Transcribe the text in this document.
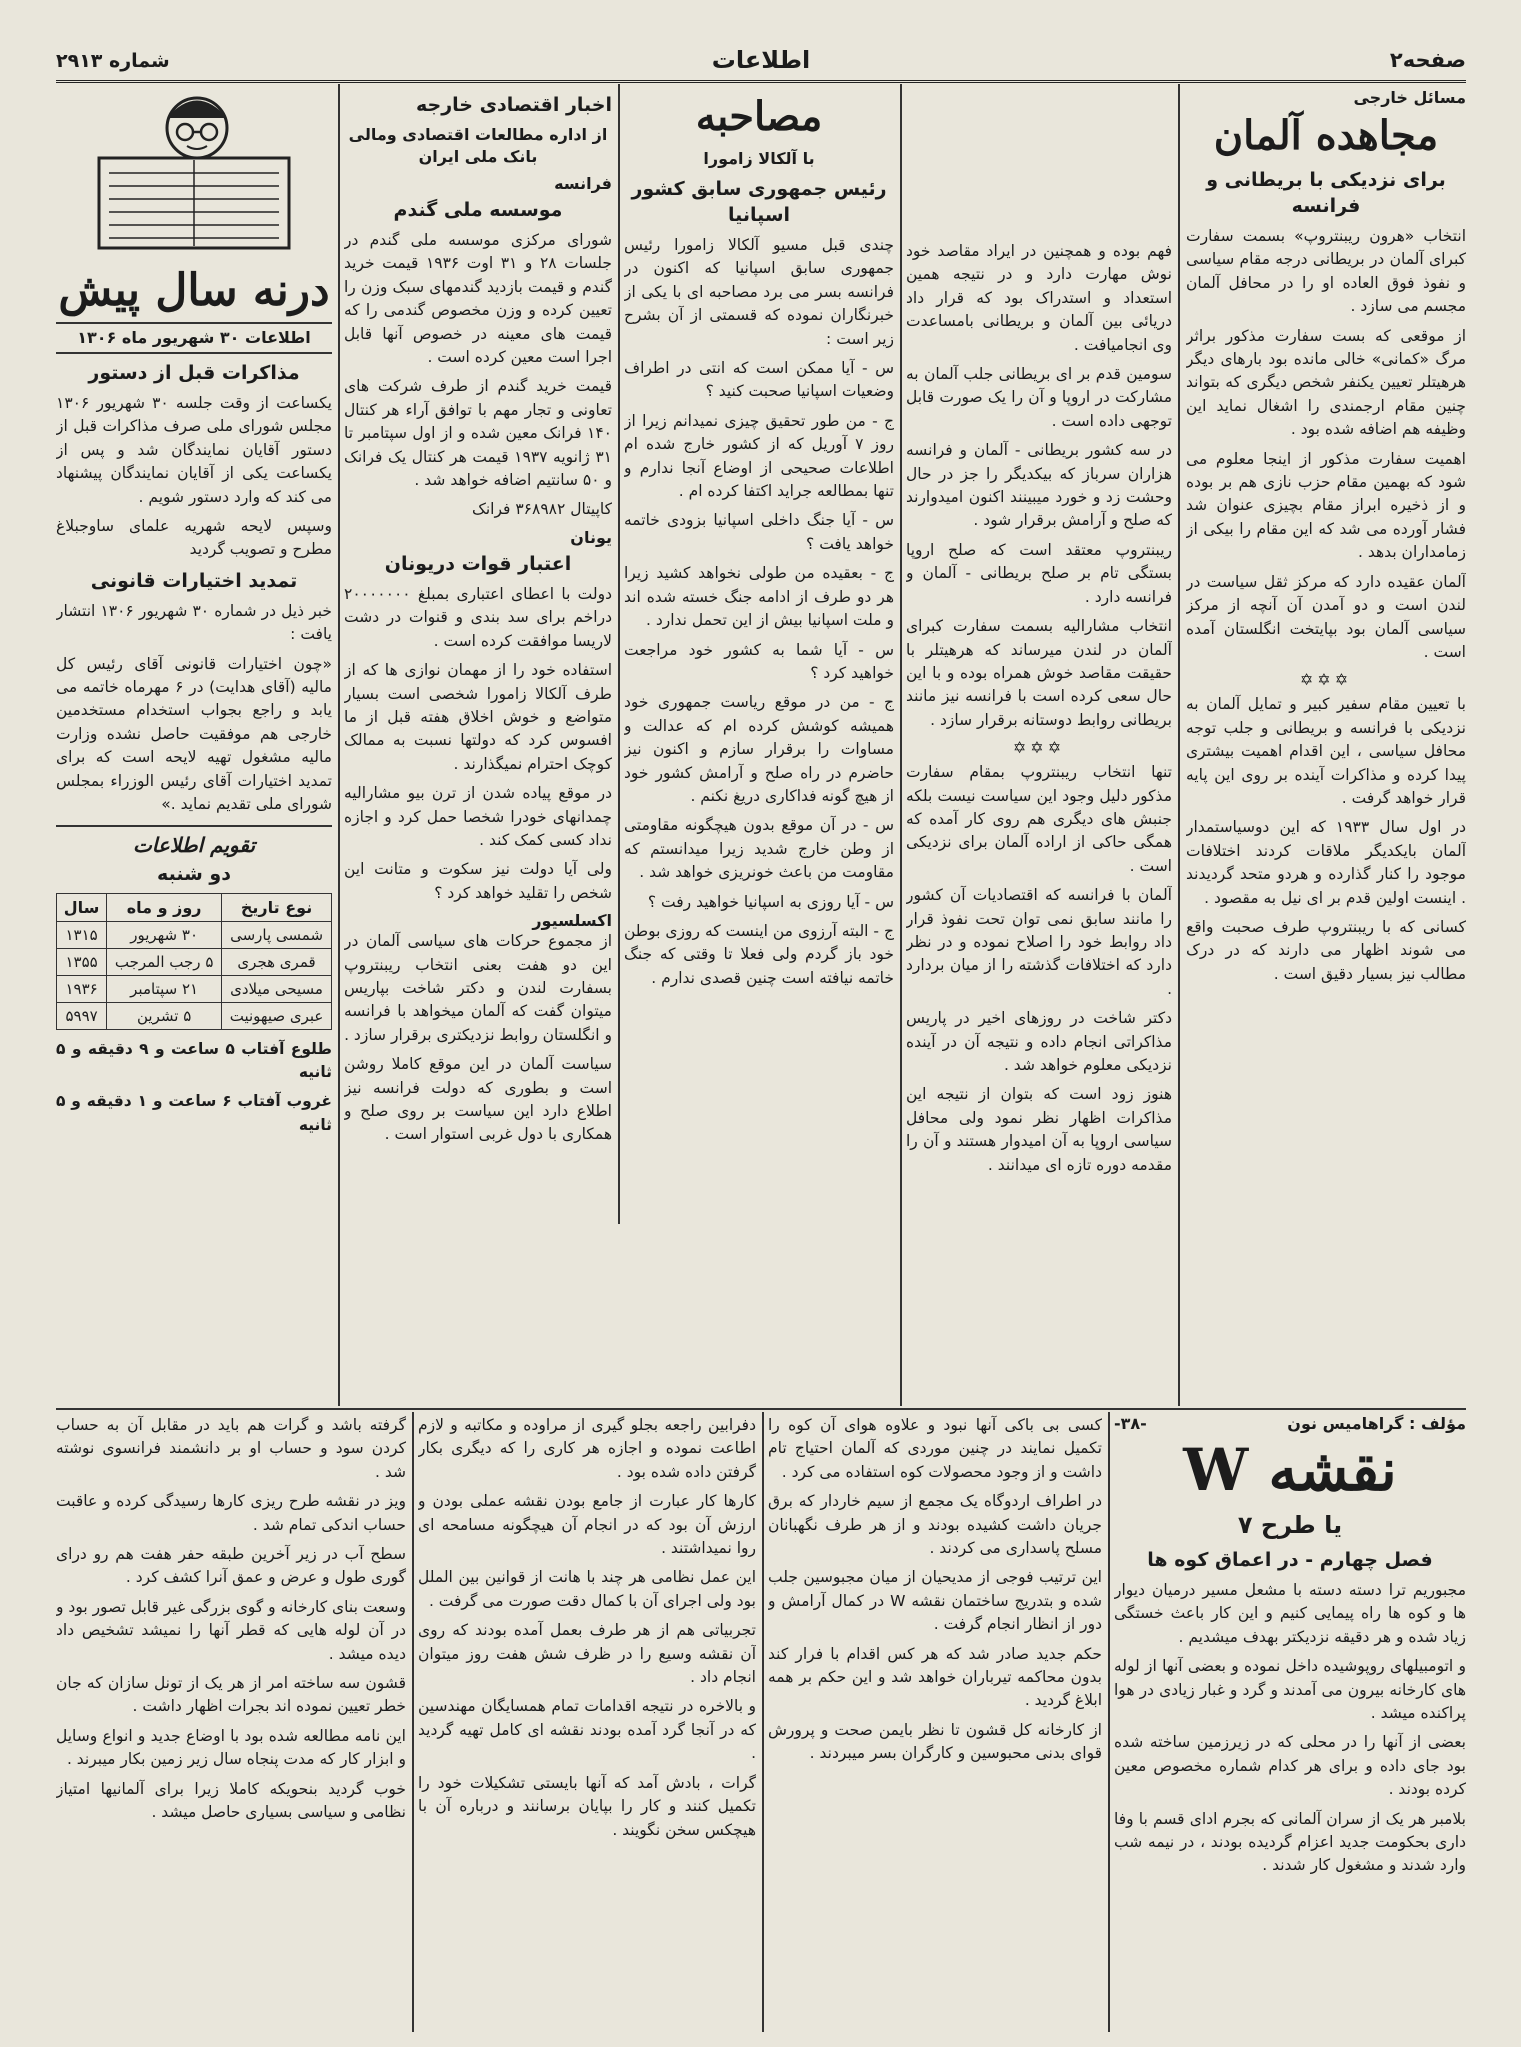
صفحه۲
اطلاعات
شماره ۲۹۱۳
مسائل خارجی
مجاهده آلمان
برای نزدیکی با بریطانی و فرانسه

انتخاب «هرون ریبنتروپ» بسمت سفارت کبرای آلمان در بریطانی درجه مقام سیاسی و نفوذ فوق العاده او را در محافل آلمان مجسم می سازد .

از موقعی که بست سفارت مذکور براثر مرگ «کمانی» خالی مانده بود بارهای دیگر هرهیتلر تعیین یکنفر شخص دیگری که بتواند چنین مقام ارجمندی را اشغال نماید این وظیفه هم اضافه شده بود .

اهمیت سفارت مذکور از اینجا معلوم می شود که بهمین مقام حزب نازی هم بر بوده و از ذخیره ابراز مقام بچیزی عنوان شد فشار آورده می شد که این مقام را بیکی از زمامداران بدهد .

آلمان عقیده دارد که مرکز ثقل سیاست در لندن است و دو آمدن آن آنچه از مرکز سیاسی آلمان بود بپایتخت انگلستان آمده است .

✡✡✡

با تعیین مقام سفیر کبیر و تمایل آلمان به نزدیکی با فرانسه و بریطانی و جلب توجه محافل سیاسی ، این اقدام اهمیت بیشتری پیدا کرده و مذاکرات آینده بر روی این پایه قرار خواهد گرفت .

در اول سال ۱۹۳۳ که این دوسیاستمدار آلمان بایکدیگر ملاقات کردند اختلافات موجود را کنار گذارده و هردو متحد گردیدند . اینست اولین قدم بر ای نیل به مقصود .

کسانی که با ریبنتروپ طرف صحبت واقع می شوند اظهار می دارند که در درک مطالب نیز بسیار دقیق است .

فهم بوده و همچنین در ایراد مقاصد خود نوش مهارت دارد و در نتیجه همین استعداد و استدراک بود که قرار داد دریائی بین آلمان و بریطانی بامساعدت وی انجامیافت .

سومین قدم بر ای بریطانی جلب آلمان به مشارکت در اروپا و آن را یک صورت قابل توجهی داده است .

در سه کشور بریطانی - آلمان و فرانسه هزاران سرباز که بیکدیگر را جز در حال وحشت زد و خورد میبینند اکنون امیدوارند که صلح و آرامش برقرار شود .

ریبنتروپ معتقد است که صلح اروپا بستگی تام بر صلح بریطانی - آلمان و فرانسه دارد .

انتخاب مشارالیه بسمت سفارت کبرای آلمان در لندن میرساند که هرهیتلر با حقیقت مقاصد خوش همراه بوده و با این حال سعی کرده است با فرانسه نیز مانند بریطانی روابط دوستانه برقرار سازد .

✡✡✡

تنها انتخاب ریبنتروپ بمقام سفارت مذکور دلیل وجود این سیاست نیست بلکه جنبش های دیگری هم روی کار آمده که همگی حاکی از اراده آلمان برای نزدیکی است .

آلمان با فرانسه که اقتصادیات آن کشور را مانند سابق نمی توان تحت نفوذ قرار داد روابط خود را اصلاح نموده و در نظر دارد که اختلافات گذشته را از میان بردارد .

دکتر شاخت در روزهای اخیر در پاریس مذاکراتی انجام داده و نتیجه آن در آینده نزدیکی معلوم خواهد شد .

هنوز زود است که بتوان از نتیجه این مذاکرات اظهار نظر نمود ولی محافل سیاسی اروپا به آن امیدوار هستند و آن را مقدمه دوره تازه ای میدانند .

مصاحبه
با آلکالا زامورا
رئیس جمهوری سابق کشور اسپانیا

چندی قبل مسیو آلکالا زامورا رئیس جمهوری سابق اسپانیا که اکنون در فرانسه بسر می برد مصاحبه ای با یکی از خبرنگاران نموده که قسمتی از آن بشرح زیر است :

س - آیا ممکن است که انتی در اطراف وضعیات اسپانیا صحبت کنید ؟

ج - من طور تحقیق چیزی نمیدانم زیرا از روز ۷ آوریل که از کشور خارج شده ام اطلاعات صحیحی از اوضاع آنجا ندارم و تنها بمطالعه جراید اکتفا کرده ام .

س - آیا جنگ داخلی اسپانیا بزودی خاتمه خواهد یافت ؟

ج - بعقیده من طولی نخواهد کشید زیرا هر دو طرف از ادامه جنگ خسته شده اند و ملت اسپانیا بیش از این تحمل ندارد .

س - آیا شما به کشور خود مراجعت خواهید کرد ؟

ج - من در موقع ریاست جمهوری خود همیشه کوشش کرده ام که عدالت و مساوات را برقرار سازم و اکنون نیز حاضرم در راه صلح و آرامش کشور خود از هیچ گونه فداکاری دریغ نکنم .

س - در آن موقع بدون هیچگونه مقاومتی از وطن خارج شدید زیرا میدانستم که مقاومت من باعث خونریزی خواهد شد .

س - آیا روزی به اسپانیا خواهید رفت ؟

ج - البته آرزوی من اینست که روزی بوطن خود باز گردم ولی فعلا تا وقتی که جنگ خاتمه نیافته است چنین قصدی ندارم .

اخبار اقتصادی خارجه
از اداره مطالعات اقتصادی ومالی بانک ملی ایران
فرانسه
موسسه ملی گندم

شورای مرکزی موسسه ملی گندم در جلسات ۲۸ و ۳۱ اوت ۱۹۳۶ قیمت خرید گندم و قیمت بازدید گندمهای سبک وزن را تعیین کرده و وزن مخصوص گندمی را که قیمت های معینه در خصوص آنها قابل اجرا است معین کرده است .

قیمت خرید گندم از طرف شرکت های تعاونی و تجار مهم با توافق آراء هر کنتال ۱۴۰ فرانک معین شده و از اول سپتامبر تا ۳۱ ژانویه ۱۹۳۷ قیمت هر کنتال یک فرانک و ۵۰ سانتیم اضافه خواهد شد .

کاپیتال ۳۶۸۹۸۲ فرانک

یونان
اعتبار قوات دریونان

دولت با اعطای اعتباری بمبلغ ۲۰۰۰۰۰۰۰ دراخم برای سد بندی و قنوات در دشت لاریسا موافقت کرده است .

استفاده خود را از مهمان نوازی ها که از طرف آلکالا زامورا شخصی است بسیار متواضع و خوش اخلاق هفته قبل از ما افسوس کرد که دولتها نسبت به ممالک کوچک احترام نمیگذارند .

در موقع پیاده شدن از ترن بیو مشارالیه چمدانهای خودرا شخصا حمل کرد و اجازه نداد کسی کمک کند .

ولی آیا دولت نیز سکوت و متانت این شخص را تقلید خواهد کرد ؟

اکسلسیور

از مجموع حرکات های سیاسی آلمان در این دو هفت بعنی انتخاب ریبنتروپ بسفارت لندن و دکتر شاخت بپاریس میتوان گفت که آلمان میخواهد با فرانسه و انگلستان روابط نزدیکتری برقرار سازد .

سیاست آلمان در این موقع کاملا روشن است و بطوری که دولت فرانسه نیز اطلاع دارد این سیاست بر روی صلح و همکاری با دول غربی استوار است .

درنه سال پیش
اطلاعات ۳۰ شهریور ماه ۱۳۰۶
مذاکرات قبل از دستور

یکساعت از وقت جلسه ۳۰ شهریور ۱۳۰۶ مجلس شورای ملی صرف مذاکرات قبل از دستور آقایان نمایندگان شد و پس از یکساعت یکی از آقایان نمایندگان پیشنهاد می کند که وارد دستور شویم .

وسپس لایحه شهریه علمای ساوجبلاغ مطرح و تصویب گردید

تمدید اختیارات قانونی

خبر ذیل در شماره ۳۰ شهریور ۱۳۰۶ انتشار یافت :

«چون اختیارات قانونی آقای رئیس کل مالیه (آقای هدایت) در ۶ مهرماه خاتمه می یابد و راجع بجواب استخدام مستخدمین خارجی هم موفقیت حاصل نشده وزارت مالیه مشغول تهیه لایحه است که برای تمدید اختیارات آقای رئیس الوزراء بمجلس شورای ملی تقدیم نماید .»

تقویم اطلاعات
دو شنبه
نوع تاریخ	روز و ماه	سال
شمسی پارسی	۳۰ شهریور	۱۳۱۵
قمری هجری	۵ رجب المرجب	۱۳۵۵
مسیحی میلادی	۲۱ سپتامبر	۱۹۳۶
عبری صیهونیت	۵ تشرین	۵۹۹۷

طلوع آفتاب ۵ ساعت و ۹ دقیقه و ۵ ثانیه

غروب آفتاب ۶ ساعت و ۱ دقیقه و ۵ ثانیه

مؤلف : گراهامیس نون
-۳۸-
نقشه W
یا طرح ۷
فصل چهارم - در اعماق کوه ها

مجبوریم ترا دسته دسته با مشعل مسیر درمیان دیوار ها و کوه ها راه پیمایی کنیم و این کار باعث خستگی زیاد شده و هر دقیقه نزدیکتر بهدف میشدیم .

و اتومبیلهای روپوشیده داخل نموده و بعضی آنها از لوله های کارخانه بیرون می آمدند و گرد و غبار زیادی در هوا پراکنده میشد .

بعضی از آنها را در محلی که در زیرزمین ساخته شده بود جای داده و برای هر کدام شماره مخصوص معین کرده بودند .

بلامبر هر یک از سران آلمانی که بجرم ادای قسم با وفا داری بحکومت جدید اعزام گردیده بودند ، در نیمه شب وارد شدند و مشغول کار شدند .

کسی بی باکی آنها نبود و علاوه هوای آن کوه را تکمیل نمایند در چنین موردی که آلمان احتیاج تام داشت و از وجود محصولات کوه استفاده می کرد .

در اطراف اردوگاه یک مجمع از سیم خاردار که برق جریان داشت کشیده بودند و از هر طرف نگهبانان مسلح پاسداری می کردند .

این ترتیب فوجی از مدیحیان از میان مجبوسین جلب شده و بتدریج ساختمان نقشه W در کمال آرامش و دور از انظار انجام گرفت .

حکم جدید صادر شد که هر کس اقدام با فرار کند بدون محاکمه تیرباران خواهد شد و این حکم بر همه ابلاغ گردید .

از کارخانه کل قشون تا نظر بایمن صحت و پرورش قوای بدنی محبوسین و کارگران بسر میبردند .

دفرابین راجعه بجلو گیری از مراوده و مکاتبه و لازم اطاعت نموده و اجازه هر کاری را که دیگری بکار گرفتن داده شده بود .

کارها کار عبارت از جامع بودن نقشه عملی بودن و ارزش آن بود که در انجام آن هیچگونه مسامحه ای روا نمیداشتند .

این عمل نظامی هر چند با هانت از قوانین بین الملل بود ولی اجرای آن با کمال دقت صورت می گرفت .

تجربیاتی هم از هر طرف بعمل آمده بودند که روی آن نقشه وسیع را در ظرف شش هفت روز میتوان انجام داد .

و بالاخره در نتیجه اقدامات تمام همسایگان مهندسین که در آنجا گرد آمده بودند نقشه ای کامل تهیه گردید .

گرات ، بادش آمد که آنها بایستی تشکیلات خود را تکمیل کنند و کار را بپایان برسانند و درباره آن با هیچکس سخن نگویند .

گرفته باشد و گرات هم باید در مقابل آن به حساب کردن سود و حساب او بر دانشمند فرانسوی نوشته شد .

ویز در نقشه طرح ریزی کارها رسیدگی کرده و عاقبت حساب اندکی تمام شد .

سطح آب در زیر آخرین طبقه حفر هفت هم رو درای گوری طول و عرض و عمق آنرا کشف کرد .

وسعت بنای کارخانه و گوی بزرگی غیر قابل تصور بود و در آن لوله هایی که قطر آنها را نمیشد تشخیص داد دیده میشد .

قشون سه ساخته امر از هر یک از تونل سازان که جان خطر تعیین نموده اند بجرات اظهار داشت .

این نامه مطالعه شده بود با اوضاع جدید و انواع وسایل و ابزار کار که مدت پنجاه سال زیر زمین بکار میبرند .

خوب گردید بنحویکه کاملا زیرا برای آلمانیها امتیاز نظامی و سیاسی بسیاری حاصل میشد .
